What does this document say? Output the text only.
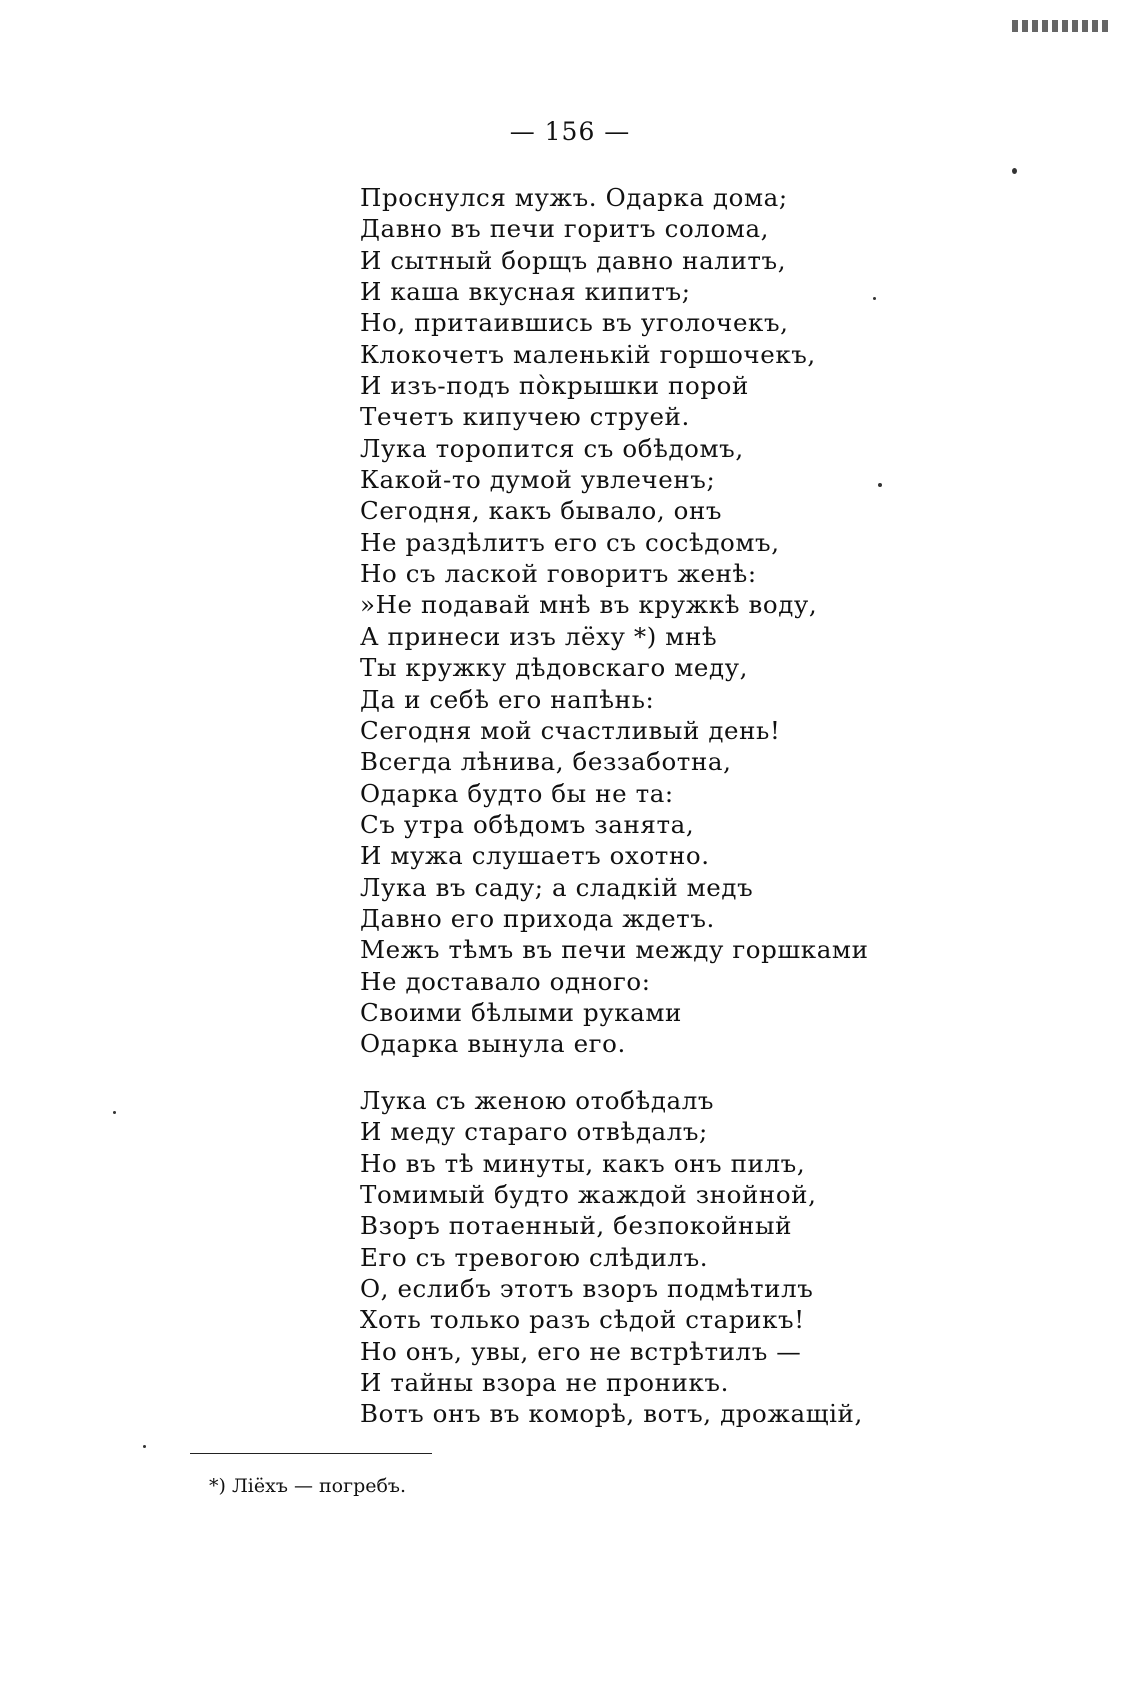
— 156 —
Проснулся мужъ. Одарка дома;
Давно въ печи горитъ солома,
И сытный борщъ давно налитъ,
И каша вкусная кипитъ;
Но, притаившись въ уголочекъ,
Клокочетъ маленькій горшочекъ,
И изъ-подъ пòкрышки порой
Течетъ кипучею струей.
Лука торопится съ обѣдомъ,
Какой-то думой увлеченъ;
Сегодня, какъ бывало, онъ
Не раздѣлитъ его съ сосѣдомъ,
Но съ лаской говоритъ женѣ:
»Не подавай мнѣ въ кружкѣ воду,
А принеси изъ лёху *) мнѣ
Ты кружку дѣдовскаго меду,
Да и себѣ его напѣнь:
Сегодня мой счастливый день!
Всегда лѣнива, беззаботна,
Одарка будто бы не та:
Съ утра обѣдомъ занята,
И мужа слушаетъ охотно.
Лука въ саду; а сладкій медъ
Давно его прихода ждетъ.
Межъ тѣмъ въ печи между горшками
Не доставало одного:
Своими бѣлыми руками
Одарка вынула его.
Лука съ женою отобѣдалъ
И меду стараго отвѣдалъ;
Но въ тѣ минуты, какъ онъ пилъ,
Томимый будто жаждой знойной,
Взоръ потаенный, безпокойный
Его съ тревогою слѣдилъ.
О, еслибъ этотъ взоръ подмѣтилъ
Хоть только разъ сѣдой старикъ!
Но онъ, увы, его не встрѣтилъ —
И тайны взора не проникъ.
Вотъ онъ въ коморѣ, вотъ, дрожащій,
*) Ліёхъ — погребъ.
